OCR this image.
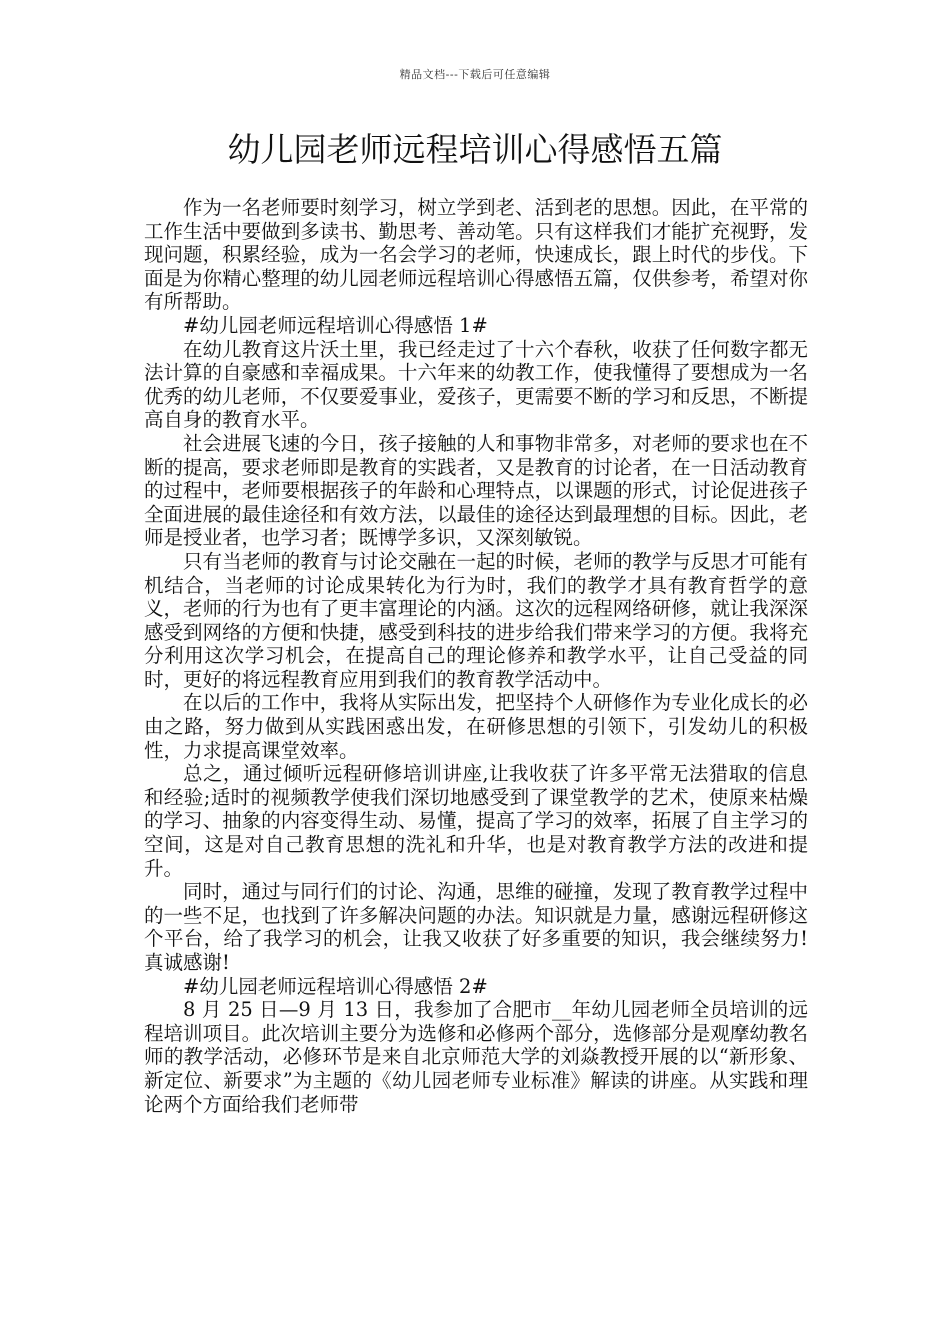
精品文档---下载后可任意编辑
幼儿园老师远程培训心得感悟五篇

作为一名老师要时刻学习，树立学到老、活到老的思想。因此，在平常的工作生活中要做到多读书、勤思考、善动笔。只有这样我们才能扩充视野，发现问题，积累经验，成为一名会学习的老师，快速成长，跟上时代的步伐。下面是为你精心整理的幼儿园老师远程培训心得感悟五篇，仅供参考，希望对你有所帮助。

#幼儿园老师远程培训心得感悟 1#

在幼儿教育这片沃土里，我已经走过了十六个春秋，收获了任何数字都无法计算的自豪感和幸福成果。十六年来的幼教工作，使我懂得了要想成为一名优秀的幼儿老师，不仅要爱事业，爱孩子，更需要不断的学习和反思，不断提高自身的教育水平。

社会进展飞速的今日，孩子接触的人和事物非常多，对老师的要求也在不断的提高，要求老师即是教育的实践者，又是教育的讨论者，在一日活动教育的过程中，老师要根据孩子的年龄和心理特点，以课题的形式，讨论促进孩子全面进展的最佳途径和有效方法，以最佳的途径达到最理想的目标。因此，老师是授业者，也学习者；既博学多识，又深刻敏锐。

只有当老师的教育与讨论交融在一起的时候，老师的教学与反思才可能有机结合，当老师的讨论成果转化为行为时，我们的教学才具有教育哲学的意义，老师的行为也有了更丰富理论的内涵。这次的远程网络研修，就让我深深感受到网络的方便和快捷，感受到科技的进步给我们带来学习的方便。我将充分利用这次学习机会，在提高自己的理论修养和教学水平，让自己受益的同时，更好的将远程教育应用到我们的教育教学活动中。

在以后的工作中，我将从实际出发，把坚持个人研修作为专业化成长的必由之路，努力做到从实践困惑出发，在研修思想的引领下，引发幼儿的积极性，力求提高课堂效率。

总之，通过倾听远程研修培训讲座,让我收获了许多平常无法猎取的信息和经验;适时的视频教学使我们深切地感受到了课堂教学的艺术，使原来枯燥的学习、抽象的内容变得生动、易懂，提高了学习的效率，拓展了自主学习的空间，这是对自己教育思想的洗礼和升华，也是对教育教学方法的改进和提升。

同时，通过与同行们的讨论、沟通，思维的碰撞，发现了教育教学过程中的一些不足，也找到了许多解决问题的办法。知识就是力量，感谢远程研修这个平台，给了我学习的机会，让我又收获了好多重要的知识，我会继续努力!真诚感谢!

#幼儿园老师远程培训心得感悟 2#

8 月 25 日—9 月 13 日，我参加了合肥市__年幼儿园老师全员培训的远程培训项目。此次培训主要分为选修和必修两个部分，选修部分是观摩幼教名师的教学活动，必修环节是来自北京师范大学的刘焱教授开展的以“新形象、新定位、新要求”为主题的《幼儿园老师专业标准》解读的讲座。从实践和理论两个方面给我们老师带
